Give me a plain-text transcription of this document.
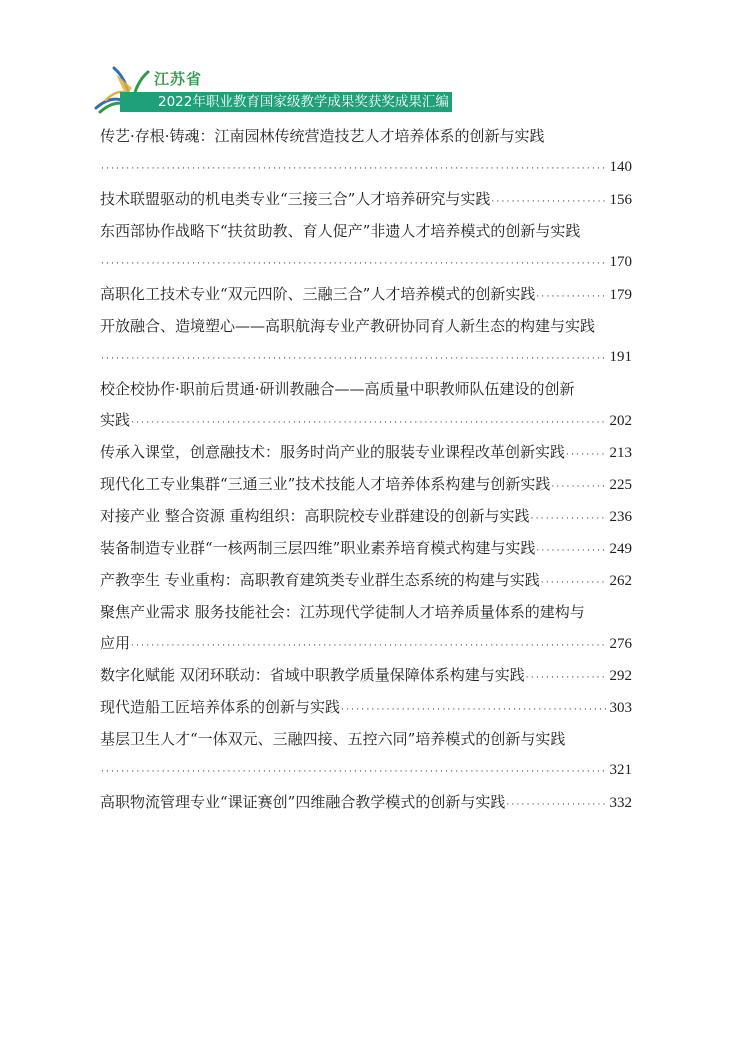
江苏省
2022年职业教育国家级教学成果奖获奖成果汇编
传艺·存根·铸魂：江南园林传统营造技艺人才培养体系的创新与实践
·····
140
技术联盟驱动的机电类专业“三接三合”人才培养研究与实践 ·····	156
东西部协作战略下“扶贫助教、育人促产”非遗人才培养模式的创新与实践
·····
170
高职化工技术专业“双元四阶、三融三合”人才培养模式的创新实践 ·····	179
开放融合、造境塑心——高职航海专业产教研协同育人新生态的构建与实践
·····
191
校企校协作·职前后贯通·研训教融合——高质量中职教师队伍建设的创新
实践 ·····	202
传承入课堂，创意融技术：服务时尚产业的服装专业课程改革创新实践 ·····	213
现代化工专业集群“三通三业”技术技能人才培养体系构建与创新实践 ·····	225
对接产业 整合资源 重构组织：高职院校专业群建设的创新与实践 ·····	236
装备制造专业群“一核两制三层四维”职业素养培育模式构建与实践 ·····	249
产教孪生 专业重构：高职教育建筑类专业群生态系统的构建与实践 ·····	262
聚焦产业需求 服务技能社会：江苏现代学徒制人才培养质量体系的建构与
应用 ·····	276
数字化赋能 双闭环联动：省域中职教学质量保障体系构建与实践 ·····	292
现代造船工匠培养体系的创新与实践 ·····	303
基层卫生人才“一体双元、三融四接、五控六同”培养模式的创新与实践
·····
321
高职物流管理专业“课证赛创”四维融合教学模式的创新与实践 ·····	332
